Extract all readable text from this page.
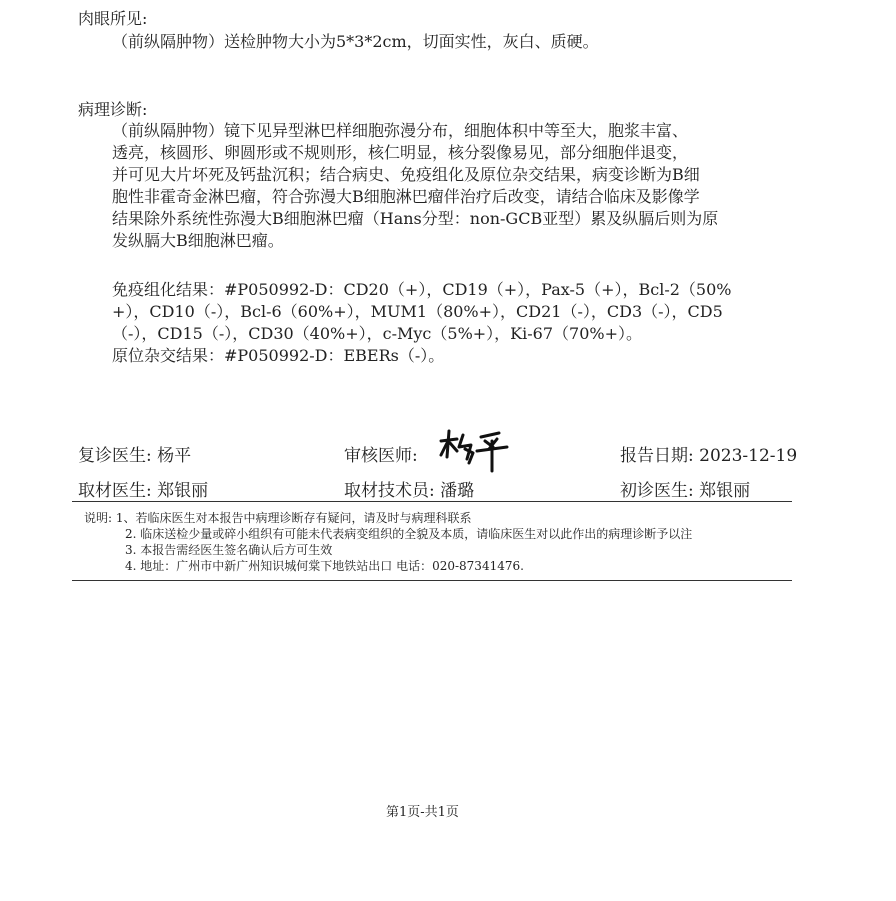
肉眼所见:
（前纵隔肿物）送检肿物大小为5*3*2cm，切面实性，灰白、质硬。
病理诊断:
（前纵隔肿物）镜下见异型淋巴样细胞弥漫分布，细胞体积中等至大，胞浆丰富、
透亮，核圆形、卵圆形或不规则形，核仁明显，核分裂像易见，部分细胞伴退变，
并可见大片坏死及钙盐沉积；结合病史、免疫组化及原位杂交结果，病变诊断为B细
胞性非霍奇金淋巴瘤，符合弥漫大B细胞淋巴瘤伴治疗后改变，请结合临床及影像学
结果除外系统性弥漫大B细胞淋巴瘤（Hans分型：non-GCB亚型）累及纵膈后则为原
发纵膈大B细胞淋巴瘤。
免疫组化结果：#P050992-D：CD20（+），CD19（+），Pax-5（+），Bcl-2（50%
+），CD10（-），Bcl-6（60%+），MUM1（80%+），CD21（-），CD3（-），CD5
（-），CD15（-），CD30（40%+），c-Myc（5%+），Ki-67（70%+）。
原位杂交结果：#P050992-D：EBERs（-）。
复诊医生: 杨平	审核医师:	报告日期: 2023-12-19
取材医生: 郑银丽	取材技术员: 潘璐	初诊医生: 郑银丽
说明: 1、若临床医生对本报告中病理诊断存有疑问，请及时与病理科联系
2. 临床送检少量或碎小组织有可能未代表病变组织的全貌及本质，请临床医生对以此作出的病理诊断予以注
3. 本报告需经医生签名确认后方可生效
4. 地址：广州市中新广州知识城何棠下地铁站出口 电话：020-87341476.
第1页-共1页
